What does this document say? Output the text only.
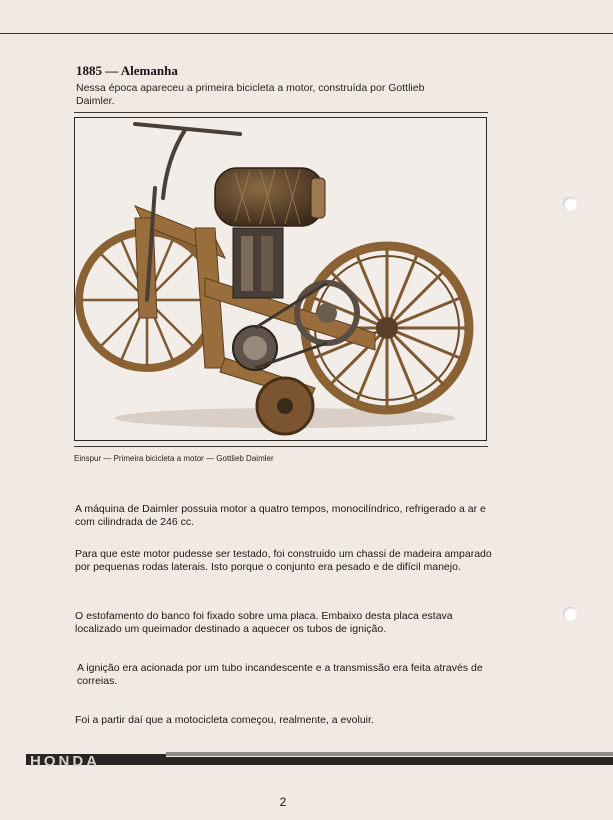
1885 — Alemanha
Nessa época apareceu a primeira bicicleta a motor, construída por Gottlieb Daimler.
Einspur — Primeira bicicleta a motor — Gottlieb Daimler
A máquina de Daimler possuia motor a quatro tempos, monocilíndrico, refrigerado a ar e com cilindrada de 246 cc.
Para que este motor pudesse ser testado, foi construido um chassi de madeira amparado por pequenas rodas laterais. Isto porque o conjunto era pesado e de difícil manejo.
O estofamento do banco foi fixado sobre uma placa. Embaixo desta placa estava localizado um queimador destinado a aquecer os tubos de ignição.
A ignição era acionada por um tubo incandescente e a transmissão era feita através de correias.
Foi a partir daí que a motocicleta começou, realmente, a evoluir.
HONDA
2
